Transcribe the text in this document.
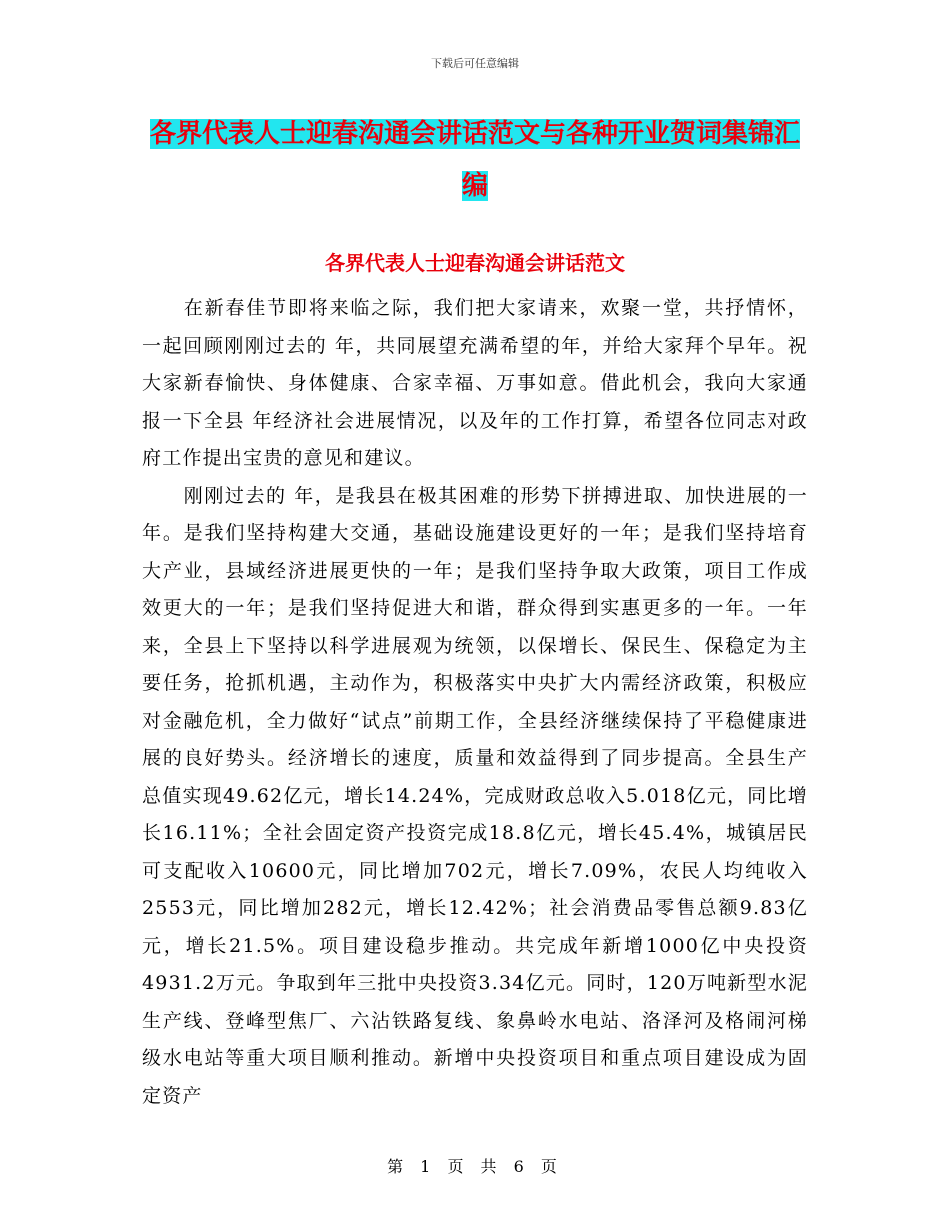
下载后可任意编辑
各界代表人士迎春沟通会讲话范文与各种开业贺词集锦汇编
各界代表人士迎春沟通会讲话范文

在新春佳节即将来临之际，我们把大家请来，欢聚一堂，共抒情怀，一起回顾刚刚过去的 年，共同展望充满希望的年，并给大家拜个早年。祝大家新春愉快、身体健康、合家幸福、万事如意。借此机会，我向大家通报一下全县 年经济社会进展情况，以及年的工作打算，希望各位同志对政府工作提出宝贵的意见和建议。

刚刚过去的 年，是我县在极其困难的形势下拼搏进取、加快进展的一年。是我们坚持构建大交通，基础设施建设更好的一年；是我们坚持培育大产业，县域经济进展更快的一年；是我们坚持争取大政策，项目工作成效更大的一年；是我们坚持促进大和谐，群众得到实惠更多的一年。一年来，全县上下坚持以科学进展观为统领，以保增长、保民生、保稳定为主要任务，抢抓机遇，主动作为，积极落实中央扩大内需经济政策，积极应对金融危机，全力做好“试点”前期工作，全县经济继续保持了平稳健康进展的良好势头。经济增长的速度，质量和效益得到了同步提高。全县生产总值实现49.62亿元，增长14.24%，完成财政总收入5.018亿元，同比增长16.11%；全社会固定资产投资完成18.8亿元，增长45.4%，城镇居民可支配收入10600元，同比增加702元，增长7.09%，农民人均纯收入2553元，同比增加282元，增长12.42%；社会消费品零售总额9.83亿元，增长21.5%。项目建设稳步推动。共完成年新增1000亿中央投资4931.2万元。争取到年三批中央投资3.34亿元。同时，120万吨新型水泥生产线、登峰型焦厂、六沾铁路复线、象鼻岭水电站、洛泽河及格闹河梯级水电站等重大项目顺利推动。新增中央投资项目和重点项目建设成为固定资产

第 1 页 共 6 页
